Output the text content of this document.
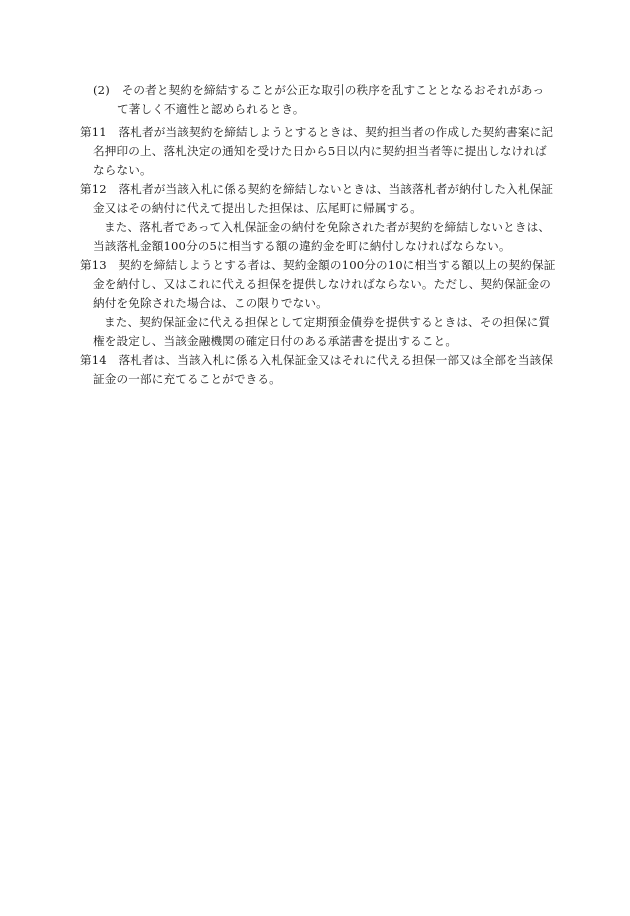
(2)　その者と契約を締結することが公正な取引の秩序を乱すこととなるおそれがあっ
て著しく不適性と認められるとき。
第11　落札者が当該契約を締結しようとするときは、契約担当者の作成した契約書案に記
名押印の上、落札決定の通知を受けた日から5日以内に契約担当者等に提出しなければ
ならない。
第12　落札者が当該入札に係る契約を締結しないときは、当該落札者が納付した入札保証
金又はその納付に代えて提出した担保は、広尾町に帰属する。
また、落札者であって入札保証金の納付を免除された者が契約を締結しないときは、
当該落札金額100分の5に相当する額の違約金を町に納付しなければならない。
第13　契約を締結しようとする者は、契約金額の100分の10に相当する額以上の契約保証
金を納付し、又はこれに代える担保を提供しなければならない。ただし、契約保証金の
納付を免除された場合は、この限りでない。
また、契約保証金に代える担保として定期預金債券を提供するときは、その担保に質
権を設定し、当該金融機関の確定日付のある承諾書を提出すること。
第14　落札者は、当該入札に係る入札保証金又はそれに代える担保一部又は全部を当該保
証金の一部に充てることができる。
